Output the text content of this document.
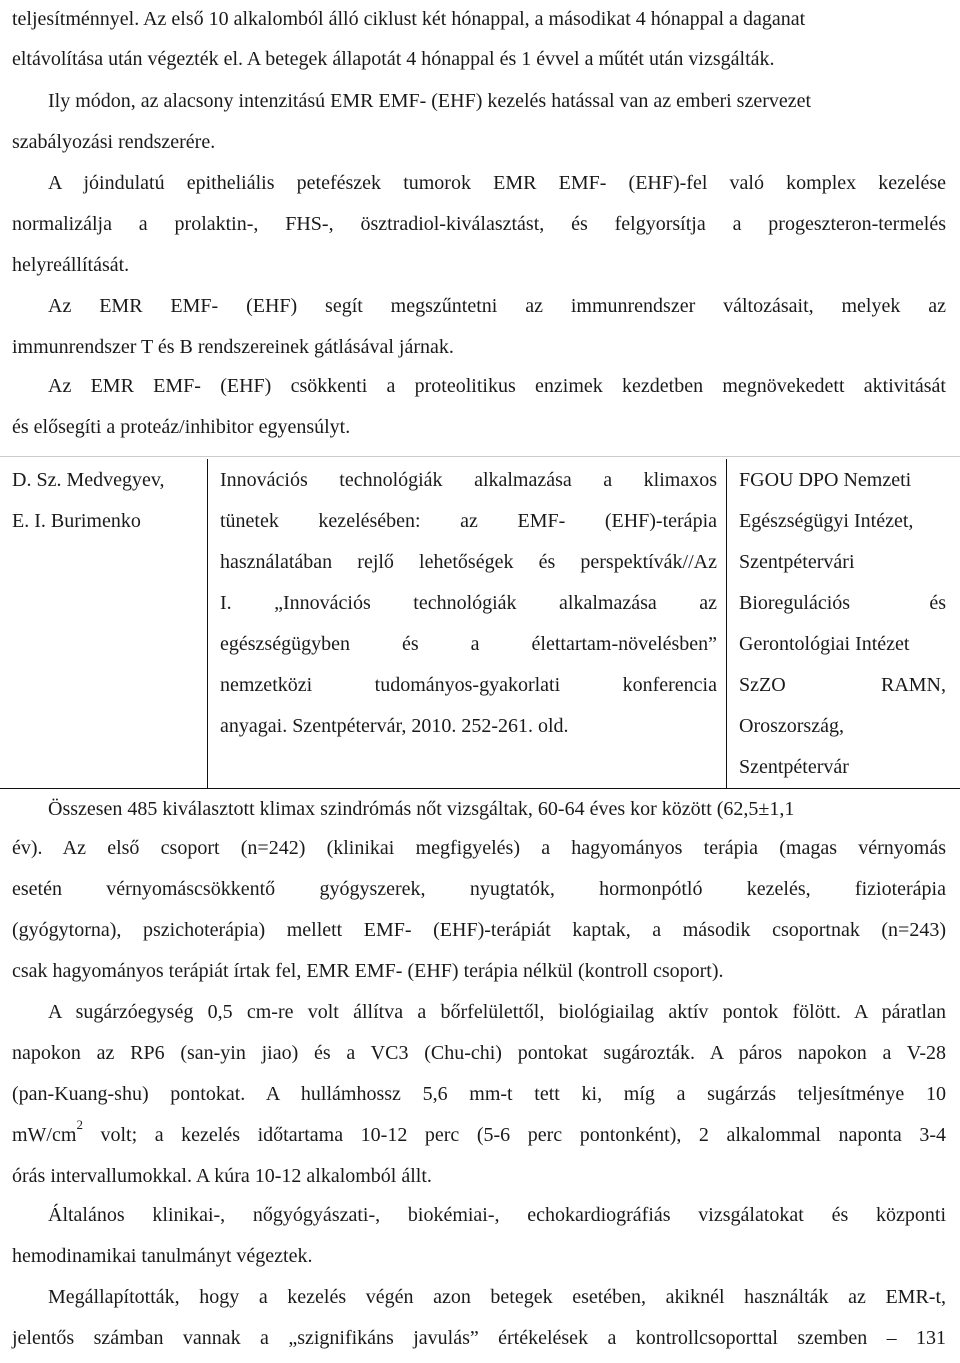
teljesítménnyel. Az első 10 alkalomból álló ciklust két hónappal, a másodikat 4 hónappal a daganat
eltávolítása után végezték el. A betegek állapotát 4 hónappal és 1 évvel a műtét után vizsgálták.
Ily módon, az alacsony intenzitású EMR EMF- (EHF) kezelés hatással van az emberi szervezet
szabályozási rendszerére.
A jóindulatú epitheliális petefészek tumorok EMR EMF- (EHF)-fel való komplex kezelése
normalizálja a prolaktin-, FHS-, ösztradiol-kiválasztást, és felgyorsítja a progeszteron-termelés
helyreállítását.
Az EMR EMF- (EHF) segít megszűntetni az immunrendszer változásait, melyek az
immunrendszer T és B rendszereinek gátlásával járnak.
Az EMR EMF- (EHF) csökkenti a proteolitikus enzimek kezdetben megnövekedett aktivitását
és elősegíti a proteáz/inhibitor egyensúlyt.
D. Sz. Medvegyev,
E. I. Burimenko
Innovációs technológiák alkalmazása a klimaxos
tünetek kezelésében: az EMF- (EHF)-terápia
használatában rejlő lehetőségek és perspektívák//Az
I. „Innovációs technológiák alkalmazása az
egészségügyben és a élettartam-növelésben”
nemzetközi tudományos-gyakorlati konferencia
anyagai. Szentpétervár, 2010. 252-261. old.
FGOU DPO Nemzeti
Egészségügyi Intézet,
Szentpétervári
Bioregulációs és
Gerontológiai Intézet
SzZO RAMN,
Oroszország,
Szentpétervár
Összesen 485 kiválasztott klimax szindrómás nőt vizsgáltak, 60-64 éves kor között (62,5±1,1
év). Az első csoport (n=242) (klinikai megfigyelés) a hagyományos terápia (magas vérnyomás
esetén vérnyomáscsökkentő gyógyszerek, nyugtatók, hormonpótló kezelés, fizioterápia
(gyógytorna), pszichoterápia) mellett EMF- (EHF)-terápiát kaptak, a második csoportnak (n=243)
csak hagyományos terápiát írtak fel, EMR EMF- (EHF) terápia nélkül (kontroll csoport).
A sugárzóegység 0,5 cm-re volt állítva a bőrfelülettől, biológiailag aktív pontok fölött. A páratlan
napokon az RP6 (san-yin jiao) és a VC3 (Chu-chi) pontokat sugározták. A páros napokon a V-28
(pan-Kuang-shu) pontokat. A hullámhossz 5,6 mm-t tett ki, míg a sugárzás teljesítménye 10
mW/cm 2 volt; a kezelés időtartama 10-12 perc (5-6 perc pontonként), 2 alkalommal naponta 3-4
órás intervallumokkal. A kúra 10-12 alkalomból állt.
Általános klinikai-, nőgyógyászati-, biokémiai-, echokardiográfiás vizsgálatokat és központi
hemodinamikai tanulmányt végeztek.
Megállapították, hogy a kezelés végén azon betegek esetében, akiknél használták az EMR-t,
jelentős számban vannak a „szignifikáns javulás” értékelések a kontrollcsoporttal szemben – 131
